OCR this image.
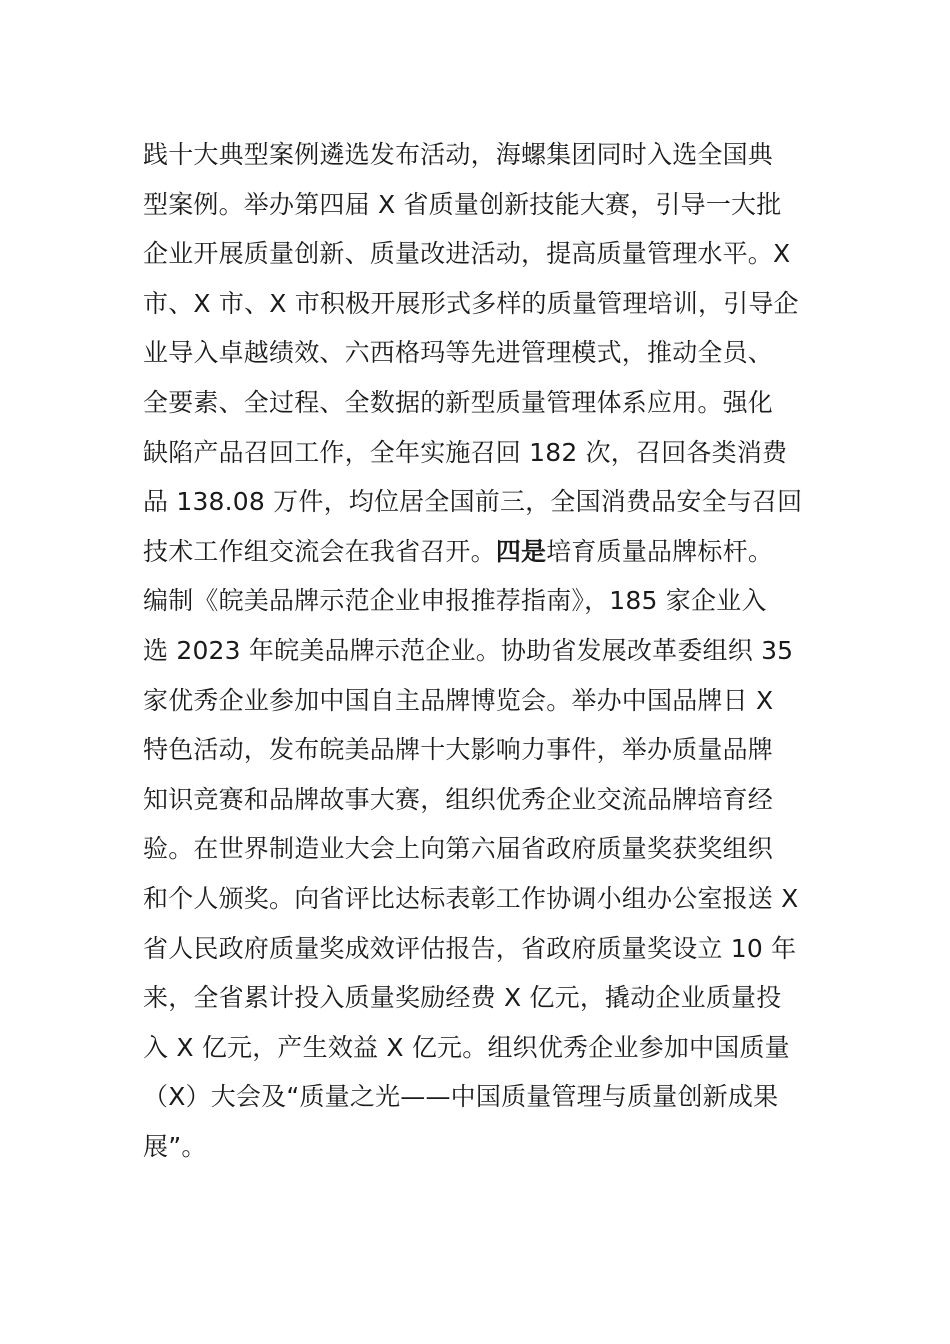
践十大典型案例遴选发布活动，海螺集团同时入选全国典
型案例。举办第四届 X 省质量创新技能大赛，引导一大批
企业开展质量创新、质量改进活动，提高质量管理水平。X
市、X 市、X 市积极开展形式多样的质量管理培训，引导企
业导入卓越绩效、六西格玛等先进管理模式，推动全员、
全要素、全过程、全数据的新型质量管理体系应用。强化
缺陷产品召回工作，全年实施召回 182 次，召回各类消费
品 138.08 万件，均位居全国前三，全国消费品安全与召回
技术工作组交流会在我省召开。四是培育质量品牌标杆。
编制《皖美品牌示范企业申报推荐指南》，185 家企业入
选 2023 年皖美品牌示范企业。协助省发展改革委组织 35
家优秀企业参加中国自主品牌博览会。举办中国品牌日 X
特色活动，发布皖美品牌十大影响力事件，举办质量品牌
知识竞赛和品牌故事大赛，组织优秀企业交流品牌培育经
验。在世界制造业大会上向第六届省政府质量奖获奖组织
和个人颁奖。向省评比达标表彰工作协调小组办公室报送 X
省人民政府质量奖成效评估报告，省政府质量奖设立 10 年
来，全省累计投入质量奖励经费 X 亿元，撬动企业质量投
入 X 亿元，产生效益 X 亿元。组织优秀企业参加中国质量
（X）大会及“质量之光——中国质量管理与质量创新成果
展”。
